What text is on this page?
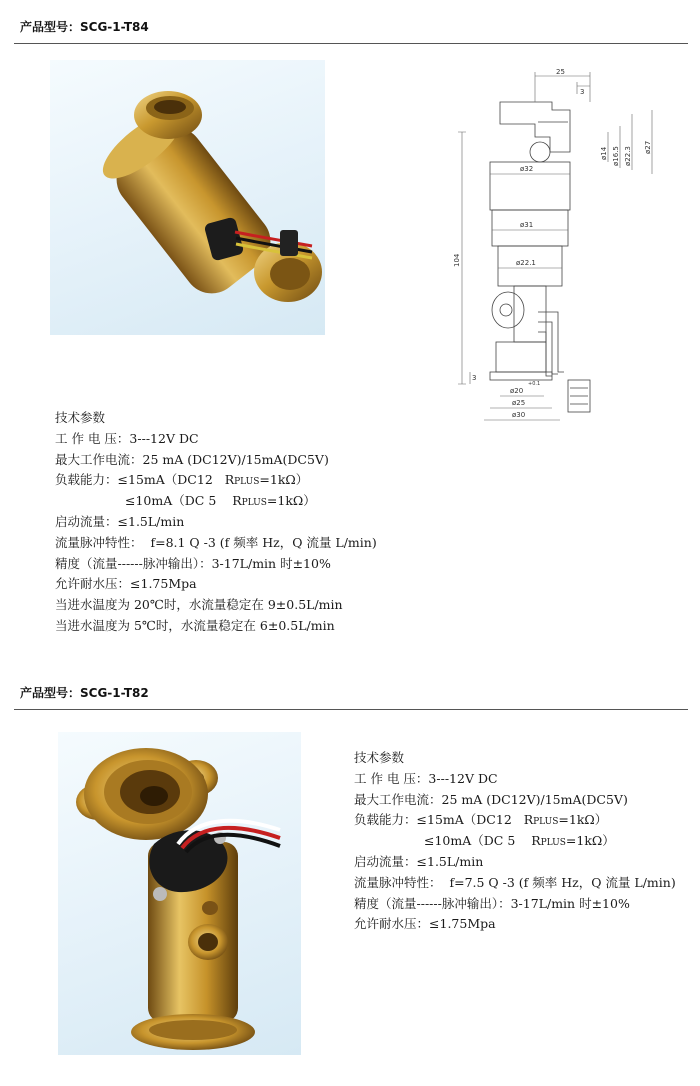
产品型号：SCG-1-T84
25
3
ø14 ø16.5 ø22.3 ø27
ø32
ø31
ø22.1
104
3
ø20
+0.1
ø25
ø30
技术参数
工 作 电 压：3---12V DC
最大工作电流：25 mA (DC12V)/15mA(DC5V)
负载能力：≤15mA（DC12 RPLUS=1kΩ）
≤10mA（DC 5 RPLUS=1kΩ）
启动流量：≤1.5L/min
流量脉冲特性： f=8.1 Q -3 (f 频率 Hz，Q 流量 L/min)
精度（流量------脉冲输出）：3-17L/min 时±10%
允许耐水压：≤1.75Mpa
当进水温度为 20℃时，水流量稳定在 9±0.5L/min
当进水温度为 5℃时，水流量稳定在 6±0.5L/min
产品型号：SCG-1-T82
技术参数
工 作 电 压：3---12V DC
最大工作电流：25 mA (DC12V)/15mA(DC5V)
负载能力：≤15mA（DC12 RPLUS=1kΩ）
≤10mA（DC 5 RPLUS=1kΩ）
启动流量：≤1.5L/min
流量脉冲特性： f=7.5 Q -3 (f 频率 Hz，Q 流量 L/min)
精度（流量------脉冲输出）：3-17L/min 时±10%
允许耐水压：≤1.75Mpa
